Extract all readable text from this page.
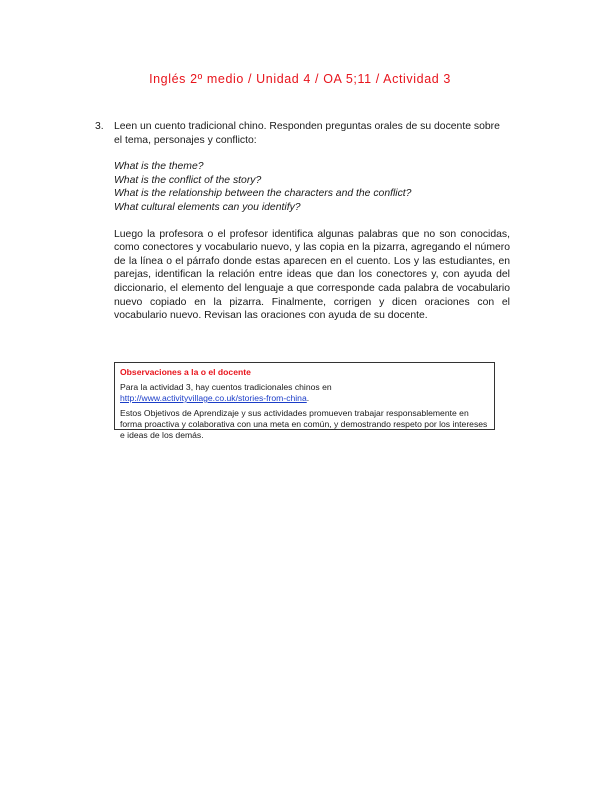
Inglés 2º medio / Unidad 4 / OA 5;11 / Actividad 3
3. Leen un cuento tradicional chino. Responden preguntas orales de su docente sobre el tema, personajes y conflicto:
What is the theme?
What is the conflict of the story?
What is the relationship between the characters and the conflict?
What cultural elements can you identify?
Luego la profesora o el profesor identifica algunas palabras que no son conocidas, como conectores y vocabulario nuevo, y las copia en la pizarra, agregando el número de la línea o el párrafo donde estas aparecen en el cuento. Los y las estudiantes, en parejas, identifican la relación entre ideas que dan los conectores y, con ayuda del diccionario, el elemento del lenguaje a que corresponde cada palabra de vocabulario nuevo copiado en la pizarra. Finalmente, corrigen y dicen oraciones con el vocabulario nuevo. Revisan las oraciones con ayuda de su docente.
Observaciones a la o el docente

Para la actividad 3, hay cuentos tradicionales chinos en
http://www.activityvillage.co.uk/stories-from-china.

Estos Objetivos de Aprendizaje y sus actividades promueven trabajar responsablemente en forma proactiva y colaborativa con una meta en común, y demostrando respeto por los intereses e ideas de los demás.
